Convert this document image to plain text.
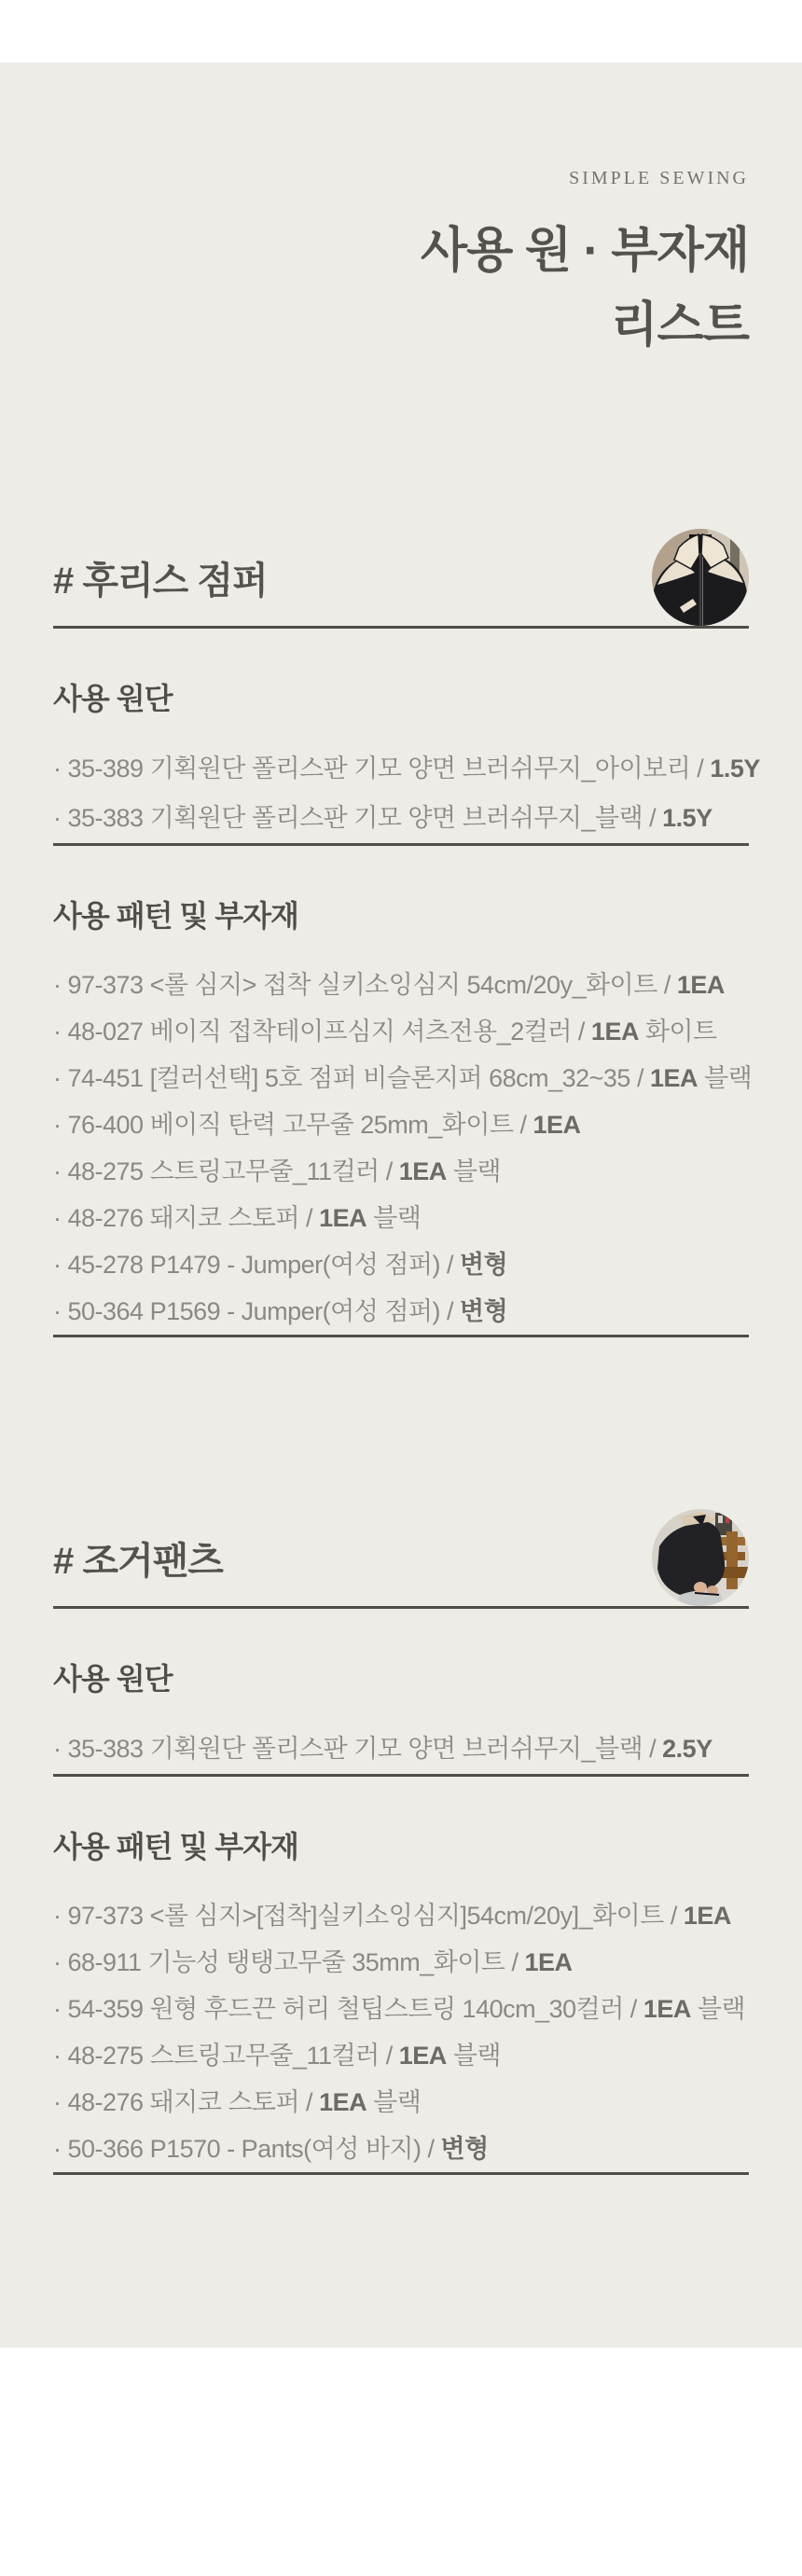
SIMPLE SEWING
사용 원 · 부자재
리스트
# 후리스 점퍼
사용 원단
· 35-389 기획원단 폴리스판 기모 양면 브러쉬무지_아이보리 / 1.5Y
· 35-383 기획원단 폴리스판 기모 양면 브러쉬무지_블랙 / 1.5Y
사용 패턴 및 부자재
· 97-373 <롤 심지> 접착 실키소잉심지 54cm/20y_화이트 / 1EA
· 48-027 베이직 접착테이프심지 셔츠전용_2컬러 / 1EA 화이트
· 74-451 [컬러선택] 5호 점퍼 비슬론지퍼 68cm_32~35 / 1EA 블랙
· 76-400 베이직 탄력 고무줄 25mm_화이트 / 1EA
· 48-275 스트링고무줄_11컬러 / 1EA 블랙
· 48-276 돼지코 스토퍼 / 1EA 블랙
· 45-278 P1479 - Jumper(여성 점퍼) / 변형
· 50-364 P1569 - Jumper(여성 점퍼) / 변형
# 조거팬츠
사용 원단
· 35-383 기획원단 폴리스판 기모 양면 브러쉬무지_블랙 / 2.5Y
사용 패턴 및 부자재
· 97-373 <롤 심지>[접착]실키소잉심지]54cm/20y]_화이트 / 1EA
· 68-911 기능성 탱탱고무줄 35mm_화이트 / 1EA
· 54-359 원형 후드끈 허리 철팁스트링 140cm_30컬러 / 1EA 블랙
· 48-275 스트링고무줄_11컬러 / 1EA 블랙
· 48-276 돼지코 스토퍼 / 1EA 블랙
· 50-366 P1570 - Pants(여성 바지) / 변형
